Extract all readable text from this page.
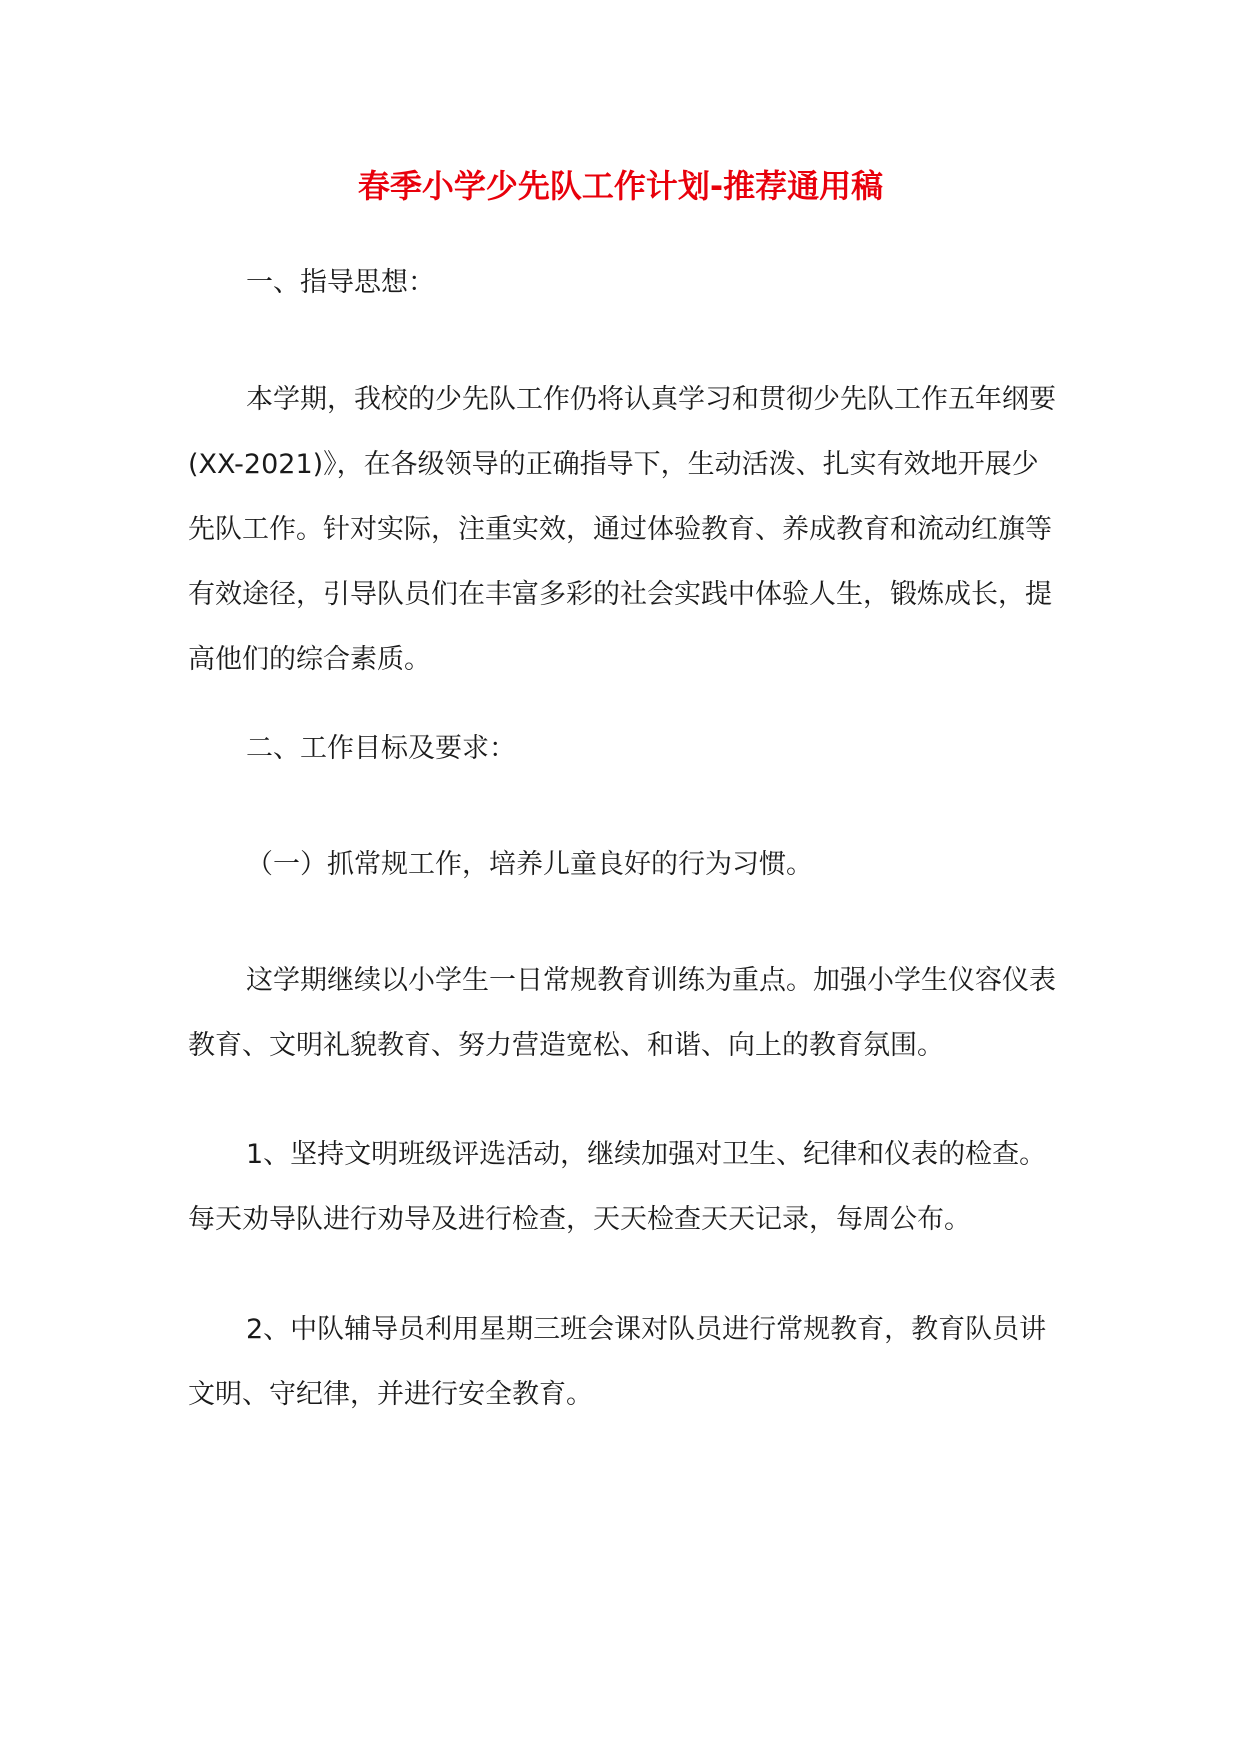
春季小学少先队工作计划-推荐通用稿

一、指导思想：

本学期，我校的少先队工作仍将认真学习和贯彻少先队工作五年纲要(XX-2021)》，在各级领导的正确指导下，生动活泼、扎实有效地开展少先队工作。针对实际，注重实效，通过体验教育、养成教育和流动红旗等有效途径，引导队员们在丰富多彩的社会实践中体验人生，锻炼成长，提高他们的综合素质。

二、工作目标及要求：

（一）抓常规工作，培养儿童良好的行为习惯。

这学期继续以小学生一日常规教育训练为重点。加强小学生仪容仪表教育、文明礼貌教育、努力营造宽松、和谐、向上的教育氛围。

1、坚持文明班级评选活动，继续加强对卫生、纪律和仪表的检查。每天劝导队进行劝导及进行检查，天天检查天天记录，每周公布。

2、中队辅导员利用星期三班会课对队员进行常规教育，教育队员讲文明、守纪律，并进行安全教育。
